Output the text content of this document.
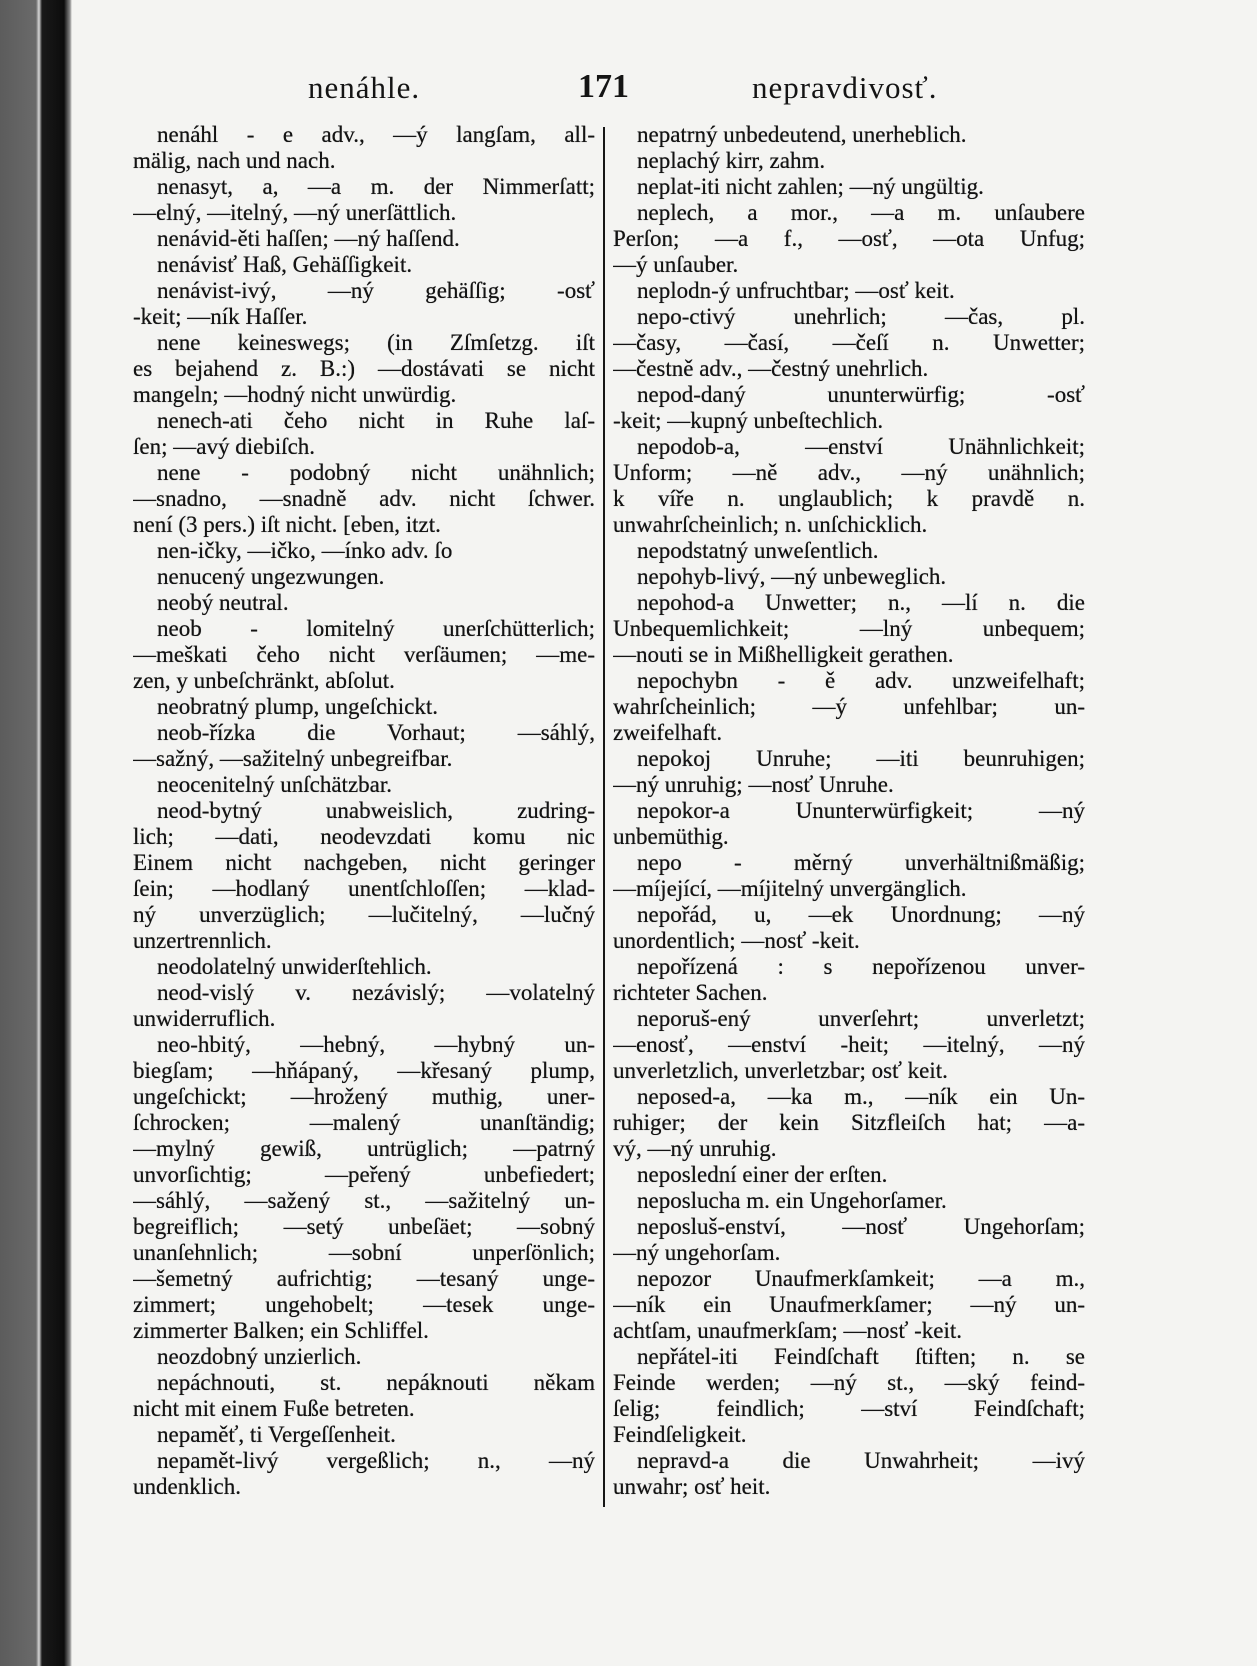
nenáhle.	171	nepravdivosť.
nenáhl - e adv., —ý langſam, all-
mälig, nach und nach.
nenasyt, a, —a m. der Nimmerſatt;
—elný, —itelný, —ný unerſättlich.
nenávid-ěti haſſen; —ný haſſend.
nenávisť Haß, Gehäſſigkeit.
nenávist-ivý, —ný gehäſſig; -osť
-keit; —ník Haſſer.
nene keineswegs; (in Zſmſetzg. iſt
es bejahend z. B.:) —dostávati se nicht
mangeln; —hodný nicht unwürdig.
nenech-ati čeho nicht in Ruhe laſ-
ſen; —avý diebiſch.
nene - podobný nicht unähnlich;
—snadno, —snadně adv. nicht ſchwer.
není (3 pers.) iſt nicht. [eben, itzt.
nen-ičky, —ičko, —ínko adv. ſo
nenucený ungezwungen.
neobý neutral.
neob - lomitelný unerſchütterlich;
—meškati čeho nicht verſäumen; —me-
zen, y unbeſchränkt, abſolut.
neobratný plump, ungeſchickt.
neob-řízka die Vorhaut; —sáhlý,
—sažný, —sažitelný unbegreifbar.
neocenitelný unſchätzbar.
neod-bytný unabweislich, zudring-
lich; —dati, neodevzdati komu nic
Einem nicht nachgeben, nicht geringer
ſein; —hodlaný unentſchloſſen; —klad-
ný unverzüglich; —lučitelný, —lučný
unzertrennlich.
neodolatelný unwiderſtehlich.
neod-vislý v. nezávislý; —volatelný
unwiderruflich.
neo-hbitý, —hebný, —hybný un-
biegſam; —hňápaný, —křesaný plump,
ungeſchickt; —hrožený muthig, uner-
ſchrocken; —malený unanſtändig;
—mylný gewiß, untrüglich; —patrný
unvorſichtig; —peřený unbefiedert;
—sáhlý, —sažený st., —sažitelný un-
begreiflich; —setý unbeſäet; —sobný
unanſehnlich; —sobní unperſönlich;
—šemetný aufrichtig; —tesaný unge-
zimmert; ungehobelt; —tesek unge-
zimmerter Balken; ein Schliffel.
neozdobný unzierlich.
nepáchnouti, st. nepáknouti někam
nicht mit einem Fuße betreten.
nepaměť, ti Vergeſſenheit.
nepamět-livý vergeßlich; n., —ný
undenklich.
nepatrný unbedeutend, unerheblich.
neplachý kirr, zahm.
neplat-iti nicht zahlen; —ný ungültig.
neplech, a mor., —a m. unſaubere
Perſon; —a f., —osť, —ota Unfug;
—ý unſauber.
neplodn-ý unfruchtbar; —osť keit.
nepo-ctivý unehrlich; —čas, pl.
—časy, —časí, —čeſí n. Unwetter;
—čestně adv., —čestný unehrlich.
nepod-daný ununterwürfig; -osť
-keit; —kupný unbeſtechlich.
nepodob-a, —enství Unähnlichkeit;
Unform; —ně adv., —ný unähnlich;
k víře n. unglaublich; k pravdě n.
unwahrſcheinlich; n. unſchicklich.
nepodstatný unweſentlich.
nepohyb-livý, —ný unbeweglich.
nepohod-a Unwetter; n., —lí n. die
Unbequemlichkeit; —lný unbequem;
—nouti se in Mißhelligkeit gerathen.
nepochybn - ě adv. unzweifelhaft;
wahrſcheinlich; —ý unfehlbar; un-
zweifelhaft.
nepokoj Unruhe; —iti beunruhigen;
—ný unruhig; —nosť Unruhe.
nepokor-a Ununterwürfigkeit; —ný
unbemüthig.
nepo - měrný unverhältnißmäßig;
—míjející, —míjitelný unvergänglich.
nepořád, u, —ek Unordnung; —ný
unordentlich; —nosť -keit.
nepořízená : s nepořízenou unver-
richteter Sachen.
neporuš-ený unverſehrt; unverletzt;
—enosť, —enství -heit; —itelný, —ný
unverletzlich, unverletzbar; osť keit.
neposed-a, —ka m., —ník ein Un-
ruhiger; der kein Sitzfleiſch hat; —a-
vý, —ný unruhig.
neposlední einer der erſten.
neposlucha m. ein Ungehorſamer.
neposluš-enství, —nosť Ungehorſam;
—ný ungehorſam.
nepozor Unaufmerkſamkeit; —a m.,
—ník ein Unaufmerkſamer; —ný un-
achtſam, unaufmerkſam; —nosť -keit.
nepřátel-iti Feindſchaft ſtiften; n. se
Feinde werden; —ný st., —ský feind-
ſelig; feindlich; —ství Feindſchaft;
Feindſeligkeit.
nepravd-a die Unwahrheit; —ivý
unwahr; osť heit.
